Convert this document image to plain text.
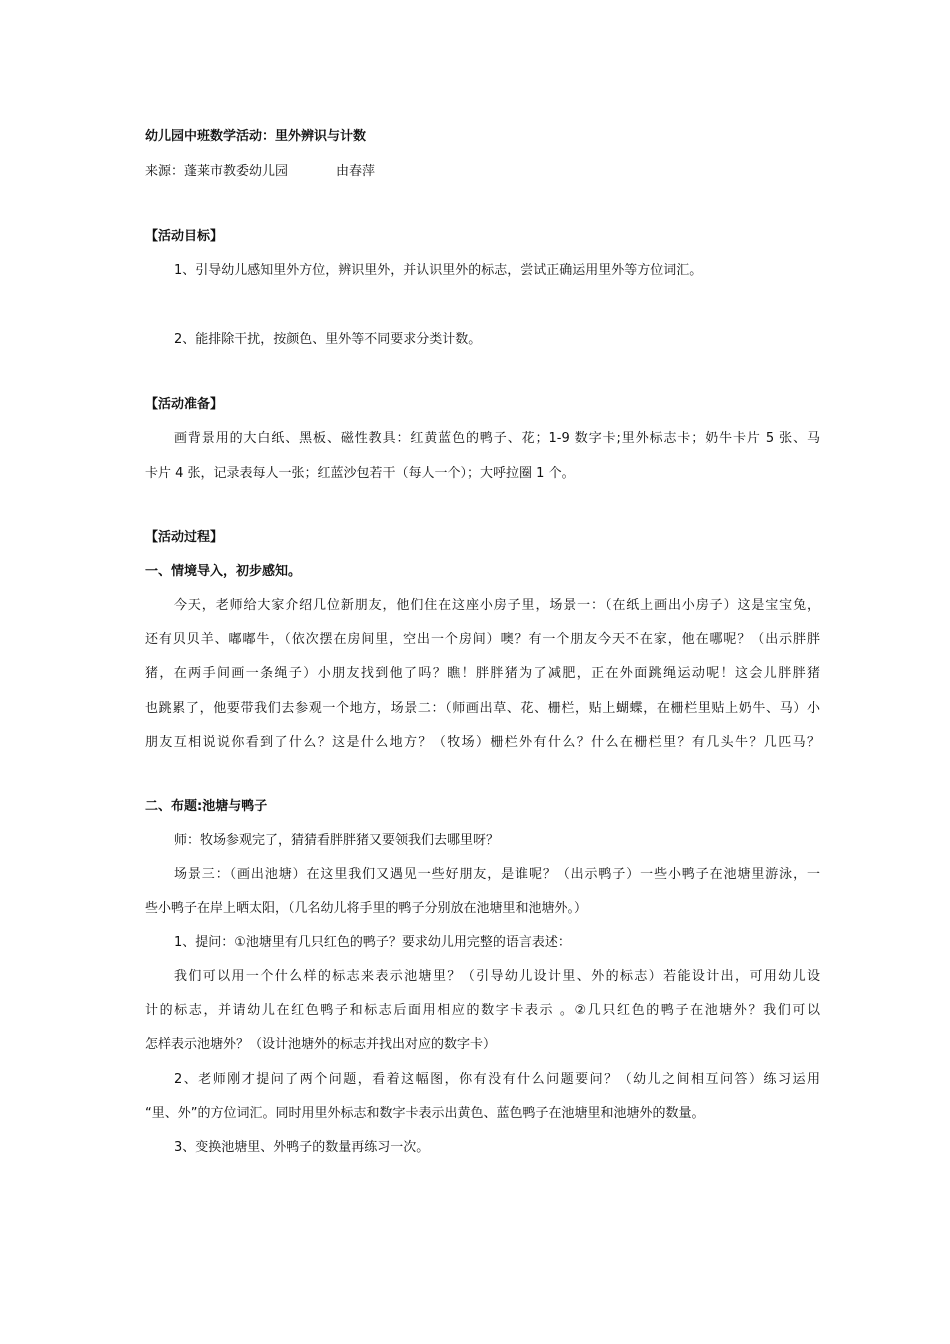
幼儿园中班数学活动：里外辨识与计数
来源：蓬莱市教委幼儿园	由春萍
【活动目标】
1、引导幼儿感知里外方位，辨识里外，并认识里外的标志，尝试正确运用里外等方位词汇。
2、能排除干扰，按颜色、里外等不同要求分类计数。
【活动准备】
画背景用的大白纸、黑板、磁性教具：红黄蓝色的鸭子、花；1-9 数字卡;里外标志卡；奶牛卡片 5 张、马
卡片 4 张，记录表每人一张；红蓝沙包若干（每人一个）；大呼拉圈 1 个。
【活动过程】
一、情境导入，初步感知。
今天，老师给大家介绍几位新朋友，他们住在这座小房子里，场景一：（在纸上画出小房子）这是宝宝兔，
还有贝贝羊、嘟嘟牛，（依次摆在房间里，空出一个房间）噢？有一个朋友今天不在家，他在哪呢？（出示胖胖
猪，在两手间画一条绳子）小朋友找到他了吗？瞧！胖胖猪为了减肥，正在外面跳绳运动呢！这会儿胖胖猪
也跳累了，他要带我们去参观一个地方，场景二：（师画出草、花、栅栏，贴上蝴蝶，在栅栏里贴上奶牛、马）小
朋友互相说说你看到了什么？这是什么地方？（牧场）栅栏外有什么？什么在栅栏里？有几头牛？几匹马？
二、布题:池塘与鸭子
师：牧场参观完了，猜猜看胖胖猪又要领我们去哪里呀？
场景三：（画出池塘）在这里我们又遇见一些好朋友，是谁呢？（出示鸭子）一些小鸭子在池塘里游泳，一
些小鸭子在岸上晒太阳，（几名幼儿将手里的鸭子分别放在池塘里和池塘外。）
1、提问：①池塘里有几只红色的鸭子？要求幼儿用完整的语言表述：
我们可以用一个什么样的标志来表示池塘里？（引导幼儿设计里、外的标志）若能设计出，可用幼儿设
计的标志，并请幼儿在红色鸭子和标志后面用相应的数字卡表示 。②几只红色的鸭子在池塘外？我们可以
怎样表示池塘外？（设计池塘外的标志并找出对应的数字卡）
2、老师刚才提问了两个问题，看着这幅图，你有没有什么问题要问？（幼儿之间相互问答）练习运用
“里、外”的方位词汇。同时用里外标志和数字卡表示出黄色、蓝色鸭子在池塘里和池塘外的数量。
3、变换池塘里、外鸭子的数量再练习一次。
